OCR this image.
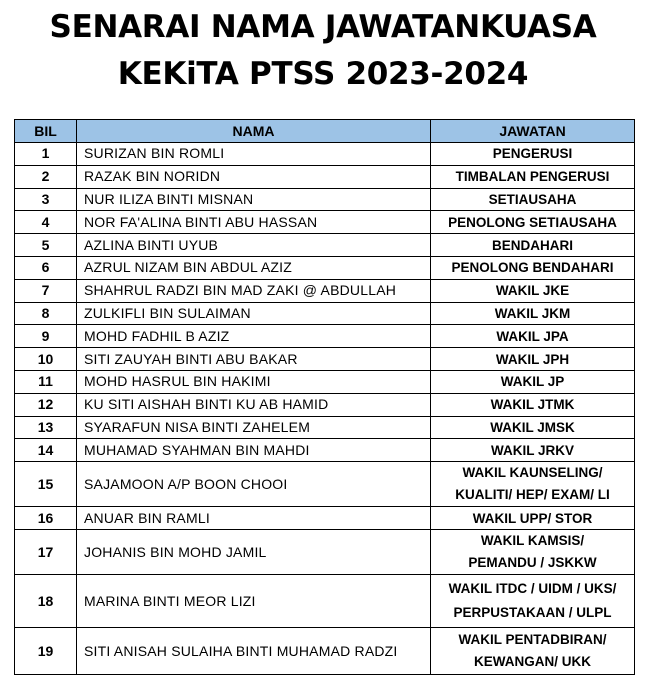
SENARAI NAMA JAWATANKUASA
KEKiTA PTSS 2023-2024
BIL	NAMA	JAWATAN
1	SURIZAN BIN ROMLI	PENGERUSI

2	RAZAK BIN NORIDN	TIMBALAN PENGERUSI

3	NUR ILIZA BINTI MISNAN	SETIAUSAHA

4	NOR FA'ALINA BINTI ABU HASSAN	PENOLONG SETIAUSAHA

5	AZLINA BINTI UYUB	BENDAHARI

6	AZRUL NIZAM BIN ABDUL AZIZ	PENOLONG BENDAHARI

7	SHAHRUL RADZI BIN MAD ZAKI @ ABDULLAH	WAKIL JKE

8	ZULKIFLI BIN SULAIMAN	WAKIL JKM

9	MOHD FADHIL B AZIZ	WAKIL JPA

10	SITI ZAUYAH BINTI ABU BAKAR	WAKIL JPH

11	MOHD HASRUL BIN HAKIMI	WAKIL JP

12	KU SITI AISHAH BINTI KU AB HAMID	WAKIL JTMK

13	SYARAFUN NISA BINTI ZAHELEM	WAKIL JMSK

14	MUHAMAD SYAHMAN BIN MAHDI	WAKIL JRKV

15	SAJAMOON A/P BOON CHOOI	WAKIL KAUNSELING/
KUALITI/ HEP/ EXAM/ LI

16	ANUAR BIN RAMLI	WAKIL UPP/ STOR

17	JOHANIS BIN MOHD JAMIL	WAKIL KAMSIS/
PEMANDU / JSKKW

18	MARINA BINTI MEOR LIZI	WAKIL ITDC / UIDM / UKS/
PERPUSTAKAAN / ULPL

19	SITI ANISAH SULAIHA BINTI MUHAMAD RADZI	WAKIL PENTADBIRAN/
KEWANGAN/ UKK
